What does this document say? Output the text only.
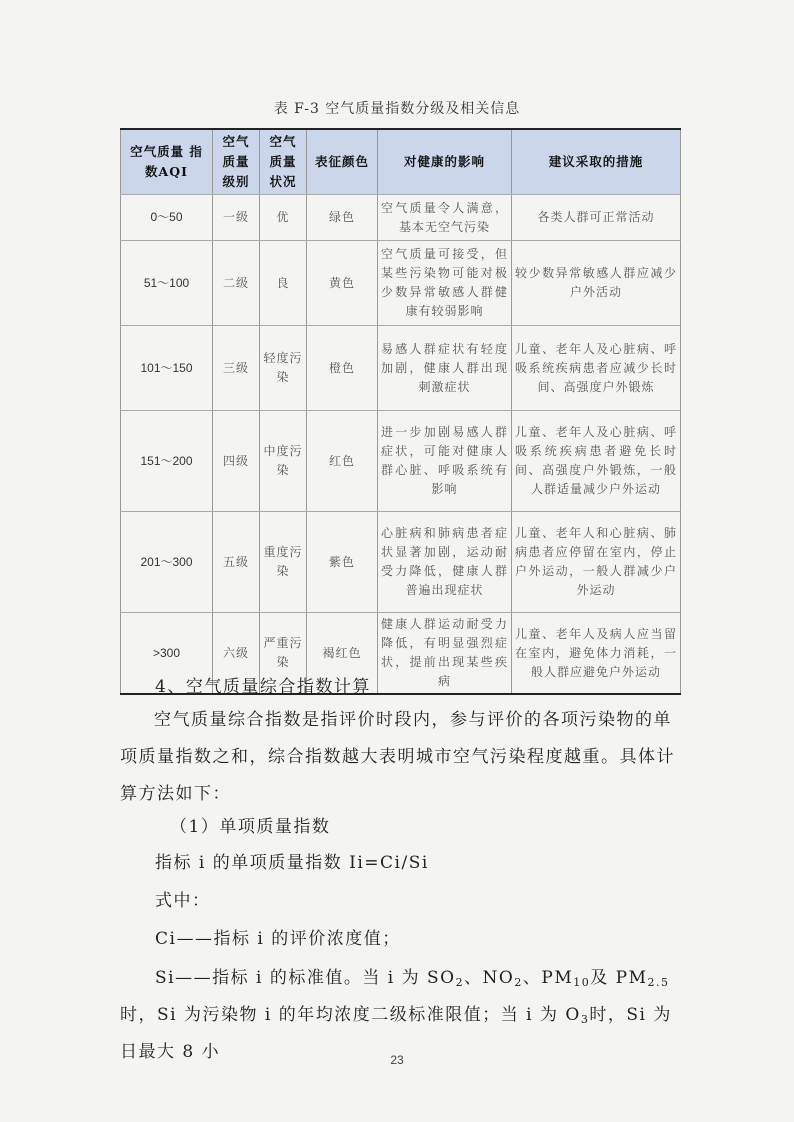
表 F-3 空气质量指数分级及相关信息
空气质量 指数AQI	空气质量级别	空气质量状况	表征颜色	对健康的影响	建议采取的措施
0～50	一级	优	绿色	空气质量令人满意，基本无空气污染	各类人群可正常活动
51～100	二级	良	黄色	空气质量可接受，但某些污染物可能对极少数异常敏感人群健康有较弱影响	较少数异常敏感人群应减少户外活动
101～150	三级	轻度污染	橙色	易感人群症状有轻度加剧，健康人群出现刺激症状	儿童、老年人及心脏病、呼吸系统疾病患者应减少长时间、高强度户外锻炼
151～200	四级	中度污染	红色	进一步加剧易感人群症状，可能对健康人群心脏、呼吸系统有影响	儿童、老年人及心脏病、呼吸系统疾病患者避免长时间、高强度户外锻炼，一般人群适量减少户外运动
201～300	五级	重度污染	紫色	心脏病和肺病患者症状显著加剧，运动耐受力降低，健康人群普遍出现症状	儿童、老年人和心脏病、肺病患者应停留在室内，停止户外运动，一般人群减少户外运动
>300	六级	严重污染	褐红色	健康人群运动耐受力降低，有明显强烈症状，提前出现某些疾病	儿童、老年人及病人应当留在室内，避免体力消耗，一般人群应避免户外运动
4、空气质量综合指数计算
空气质量综合指数是指评价时段内，参与评价的各项污染物的单项质量指数之和，综合指数越大表明城市空气污染程度越重。具体计算方法如下：
（1）单项质量指数
指标 i 的单项质量指数 Ii=Ci/Si
式中：
Ci——指标 i 的评价浓度值；
Si——指标 i 的标准值。当 i 为 $SO_2$、$NO_2$、$PM_{10}$及 $PM_{2.5}$时，Si 为污染物 i 的年均浓度二级标准限值；当 i 为 $O_3$时，Si 为日最大 8 小	23
